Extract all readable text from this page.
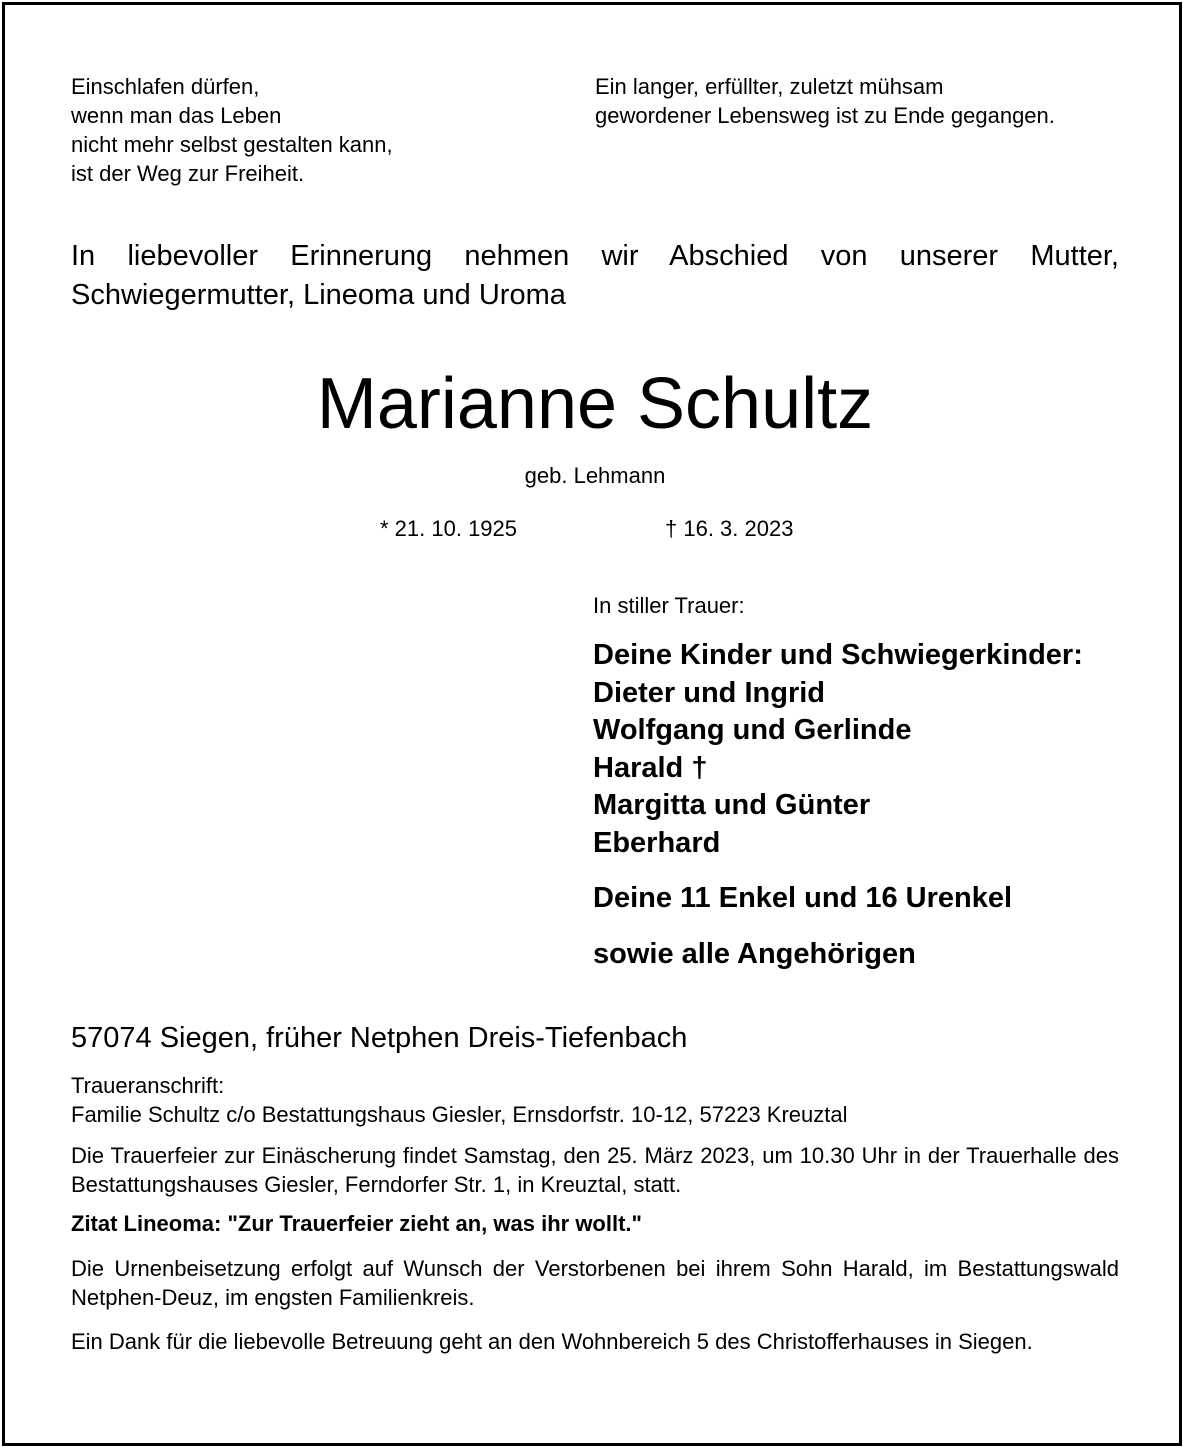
Einschlafen dürfen,
wenn man das Leben
nicht mehr selbst gestalten kann,
ist der Weg zur Freiheit.
Ein langer, erfüllter, zuletzt mühsam
gewordener Lebensweg ist zu Ende gegangen.
In liebevoller Erinnerung nehmen wir Abschied von unserer Mutter, Schwiegermutter, Lineoma und Uroma
Marianne Schultz
geb. Lehmann
* 21. 10. 1925	† 16. 3. 2023
In stiller Trauer:
Deine Kinder und Schwiegerkinder:
Dieter und Ingrid
Wolfgang und Gerlinde
Harald †
Margitta und Günter
Eberhard
Deine 11 Enkel und 16 Urenkel
sowie alle Angehörigen
57074 Siegen, früher Netphen Dreis-Tiefenbach
Traueranschrift:
Familie Schultz c/o Bestattungshaus Giesler, Ernsdorfstr. 10-12, 57223 Kreuztal
Die Trauerfeier zur Einäscherung findet Samstag, den 25. März 2023, um 10.30 Uhr in der Trauerhalle des Bestattungshauses Giesler, Ferndorfer Str. 1, in Kreuztal, statt.
Zitat Lineoma: "Zur Trauerfeier zieht an, was ihr wollt."
Die Urnenbeisetzung erfolgt auf Wunsch der Verstorbenen bei ihrem Sohn Harald, im Bestattungswald Netphen-Deuz, im engsten Familienkreis.
Ein Dank für die liebevolle Betreuung geht an den Wohnbereich 5 des Christofferhauses in Siegen.
